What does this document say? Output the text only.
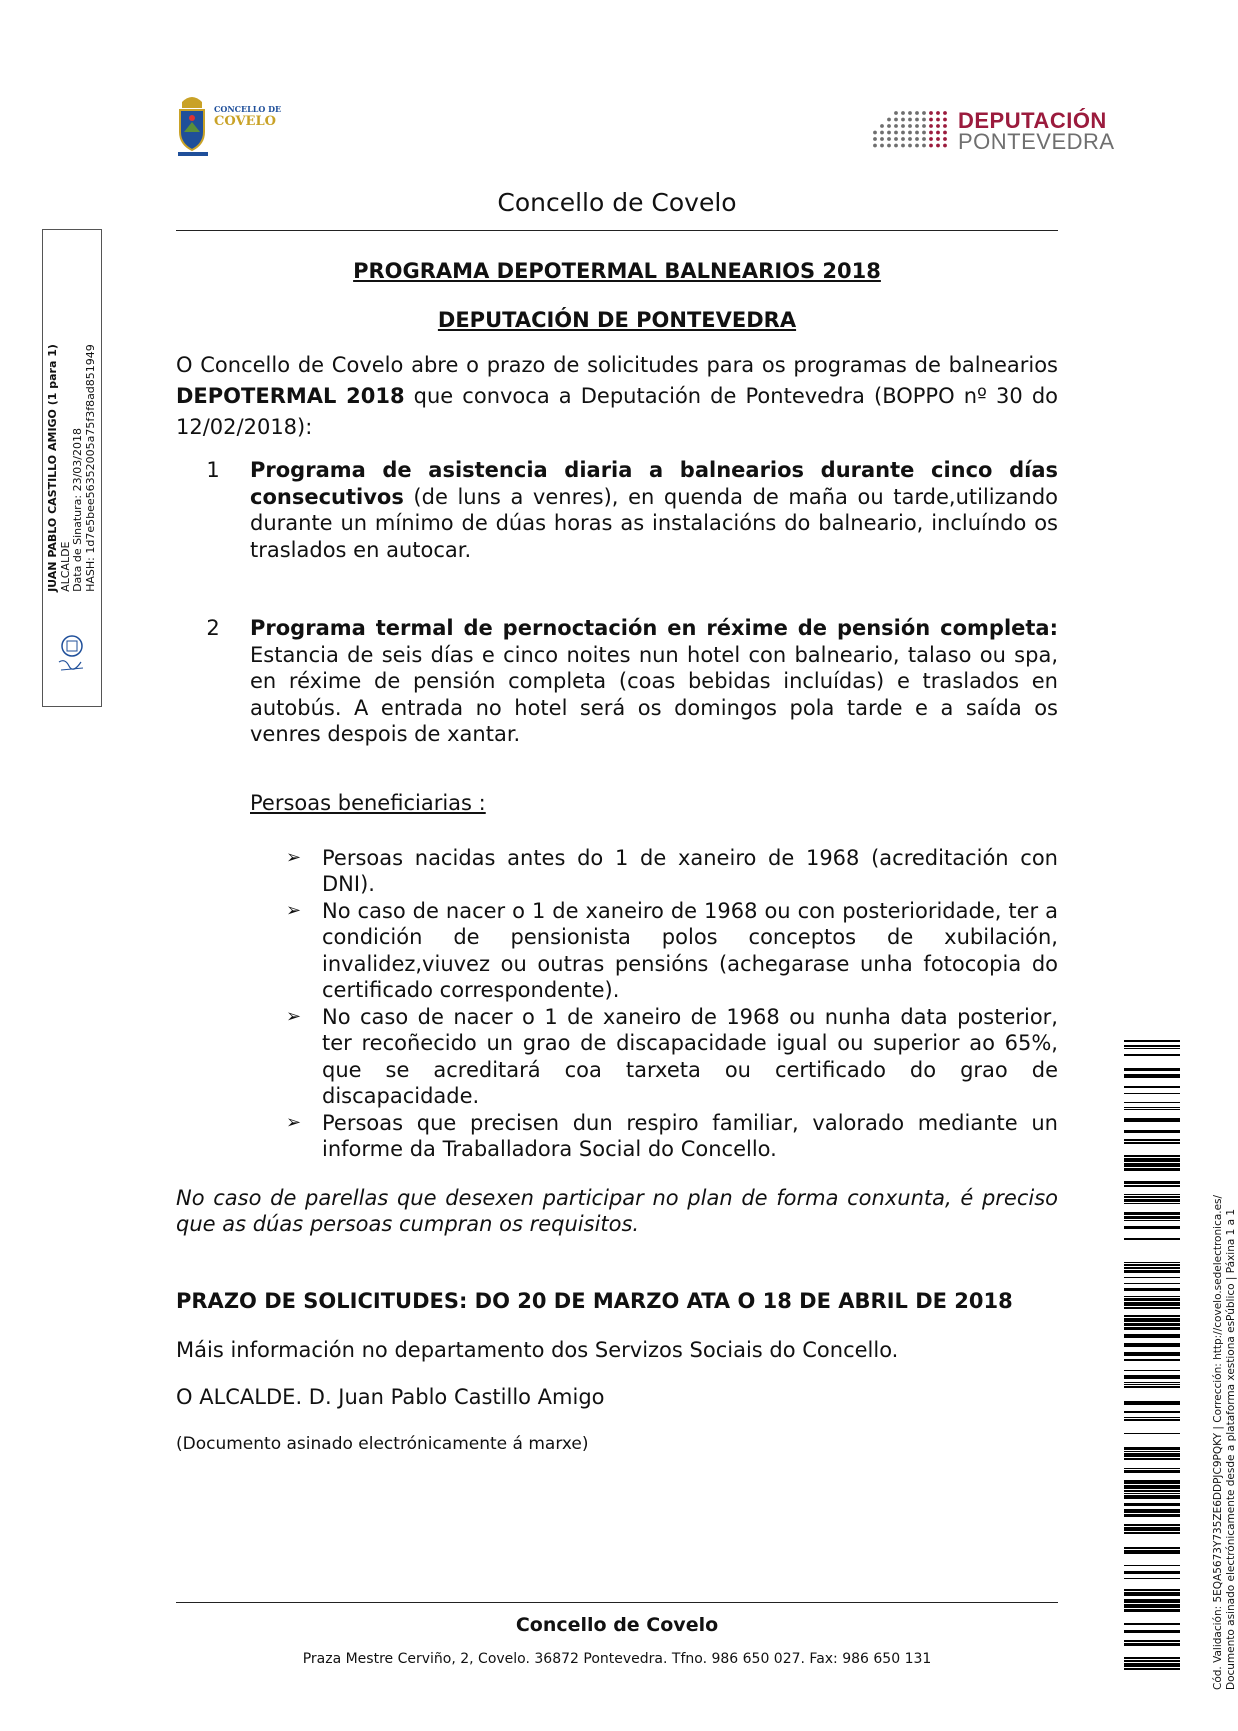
CONCELLO DE
COVELO	DEPUTACIÓN
PONTEVEDRA
Concello de Covelo
PROGRAMA DEPOTERMAL BALNEARIOS 2018
DEPUTACIÓN DE PONTEVEDRA
O Concello de Covelo abre o prazo de solicitudes para os programas de balnearios DEPOTERMAL 2018 que convoca a Deputación de Pontevedra (BOPPO nº 30 do 12/02/2018):
1	Programa de asistencia diaria a balnearios durante cinco días consecutivos (de luns a venres), en quenda de maña ou tarde,utilizando durante un mínimo de dúas horas as instalacións do balneario, incluíndo os traslados en autocar.
2	Programa termal de pernoctación en réxime de pensión completa: Estancia de seis días e cinco noites nun hotel con balneario, talaso ou spa, en réxime de pensión completa (coas bebidas incluídas) e traslados en autobús. A entrada no hotel será os domingos pola tarde e a saída os venres despois de xantar.
Persoas beneficiarias :
➢ Persoas nacidas antes do 1 de xaneiro de 1968 (acreditación con DNI).
➢ No caso de nacer o 1 de xaneiro de 1968 ou con posterioridade, ter a condición de pensionista polos conceptos de xubilación, invalidez,viuvez ou outras pensións (achegarase unha fotocopia do certificado correspondente).
➢ No caso de nacer o 1 de xaneiro de 1968 ou nunha data posterior, ter recoñecido un grao de discapacidade igual ou superior ao 65%, que se acreditará coa tarxeta ou certificado do grao de discapacidade.
➢ Persoas que precisen dun respiro familiar, valorado mediante un informe da Traballadora Social do Concello.
No caso de parellas que desexen participar no plan de forma conxunta, é preciso que as dúas persoas cumpran os requisitos.
PRAZO DE SOLICITUDES: DO 20 DE MARZO ATA O 18 DE ABRIL DE 2018
Máis información no departamento dos Servizos Sociais do Concello.
O ALCALDE. D. Juan Pablo Castillo Amigo
(Documento asinado electrónicamente á marxe)
Concello de Covelo
Praza Mestre Cerviño, 2, Covelo. 36872 Pontevedra. Tfno. 986 650 027. Fax: 986 650 131
JUAN PABLO CASTILLO AMIGO (1 para 1) ALCALDE Data de Sinatura: 23/03/2018 HASH: 1d7e5bee56352005a75f3f8ad851949
Cód. Validación: 5EQA5673Y735ZE6DDPJC9PQKY | Corrección: http://covelo.sedelectronica.es/ Documento asinado electrónicamente desde a plataforma xestiona esPúblico | Páxina 1 a 1
